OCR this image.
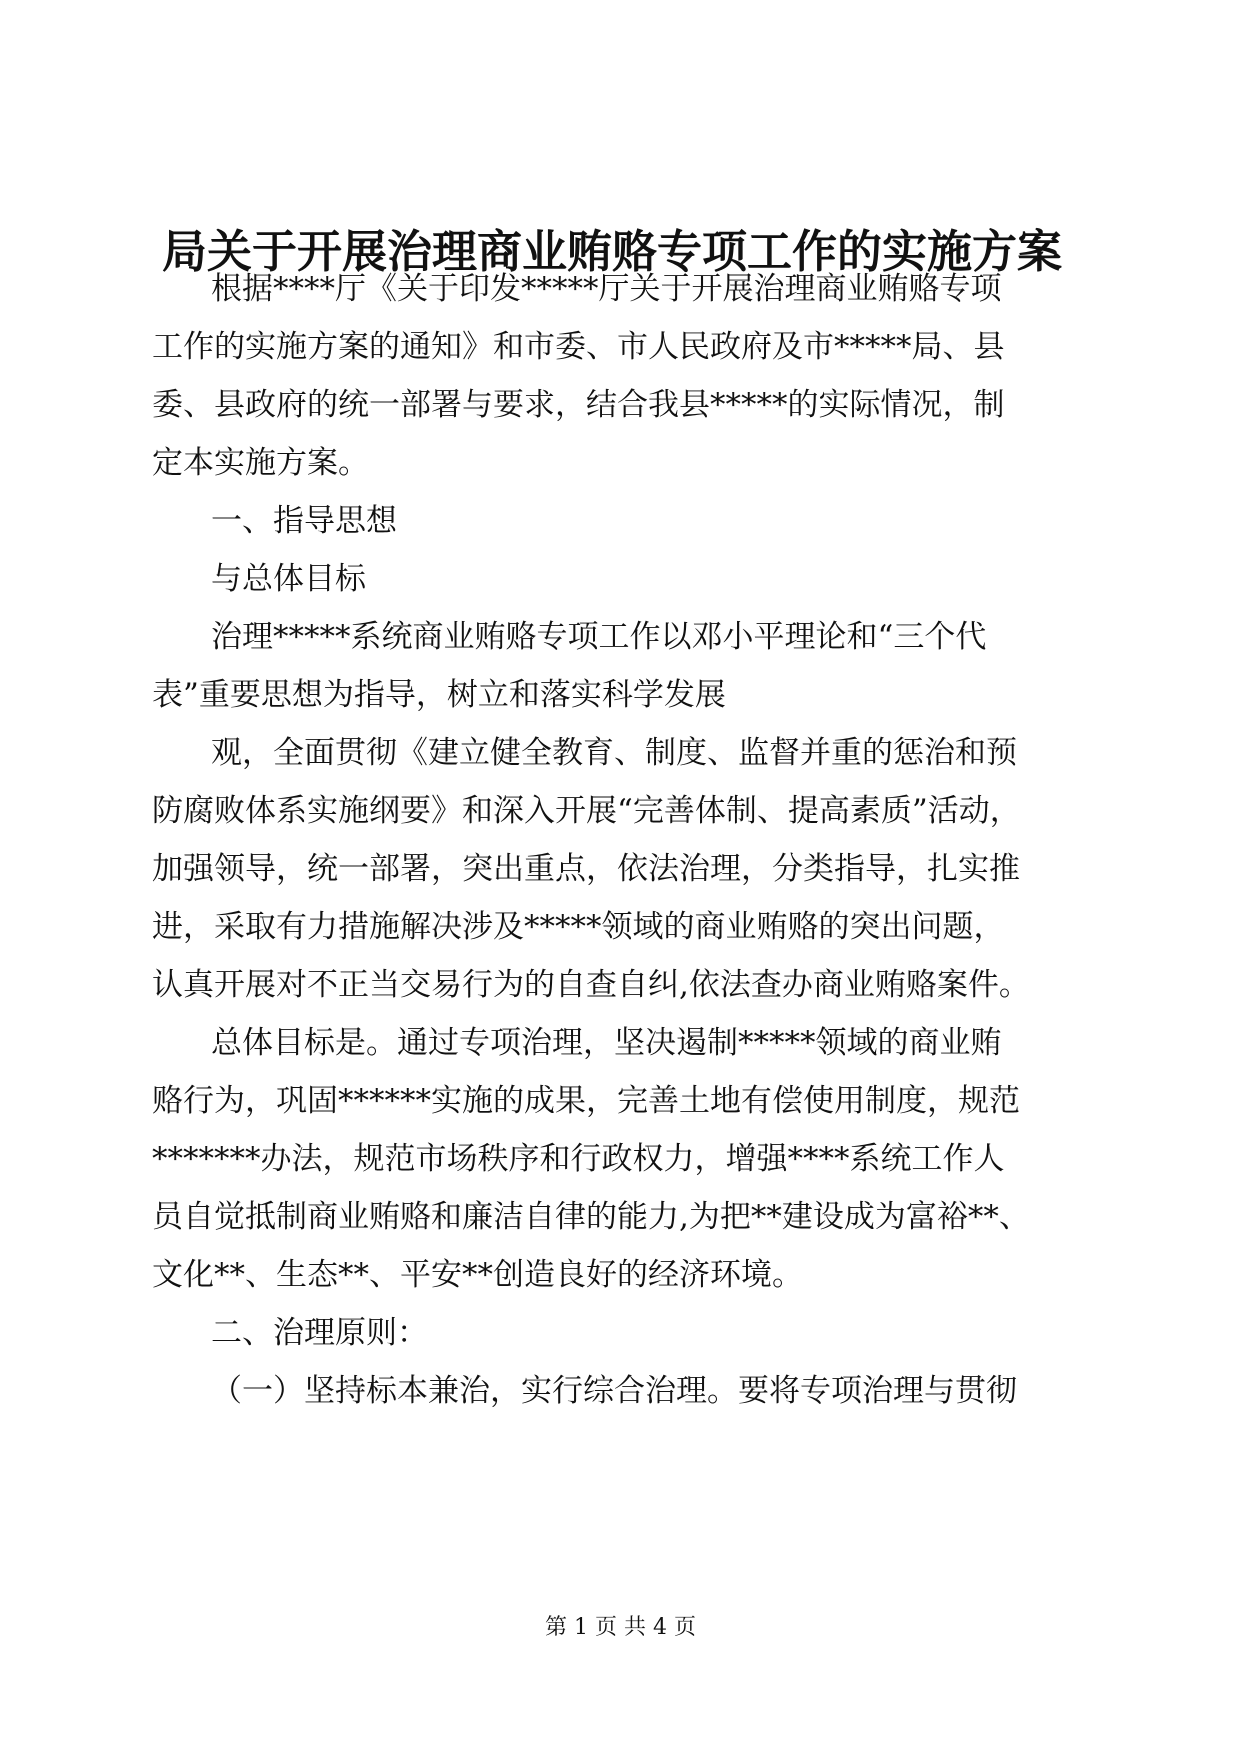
局关于开展治理商业贿赂专项工作的实施方案
根据****厅《关于印发*****厅关于开展治理商业贿赂专项
工作的实施方案的通知》和市委、市人民政府及市*****局、县
委、县政府的统一部署与要求，结合我县*****的实际情况，制
定本实施方案。
一、指导思想
与总体目标
治理*****系统商业贿赂专项工作以邓小平理论和“三个代
表”重要思想为指导，树立和落实科学发展
观，全面贯彻《建立健全教育、制度、监督并重的惩治和预
防腐败体系实施纲要》和深入开展“完善体制、提高素质”活动，
加强领导，统一部署，突出重点，依法治理，分类指导，扎实推
进，采取有力措施解决涉及*****领域的商业贿赂的突出问题，
认真开展对不正当交易行为的自查自纠,依法查办商业贿赂案件。
总体目标是。通过专项治理，坚决遏制*****领域的商业贿
赂行为，巩固******实施的成果，完善土地有偿使用制度，规范
*******办法，规范市场秩序和行政权力，增强****系统工作人
员自觉抵制商业贿赂和廉洁自律的能力,为把**建设成为富裕**、
文化**、生态**、平安**创造良好的经济环境。
二、治理原则：
（一）坚持标本兼治，实行综合治理。要将专项治理与贯彻
第 1 页 共 4 页
